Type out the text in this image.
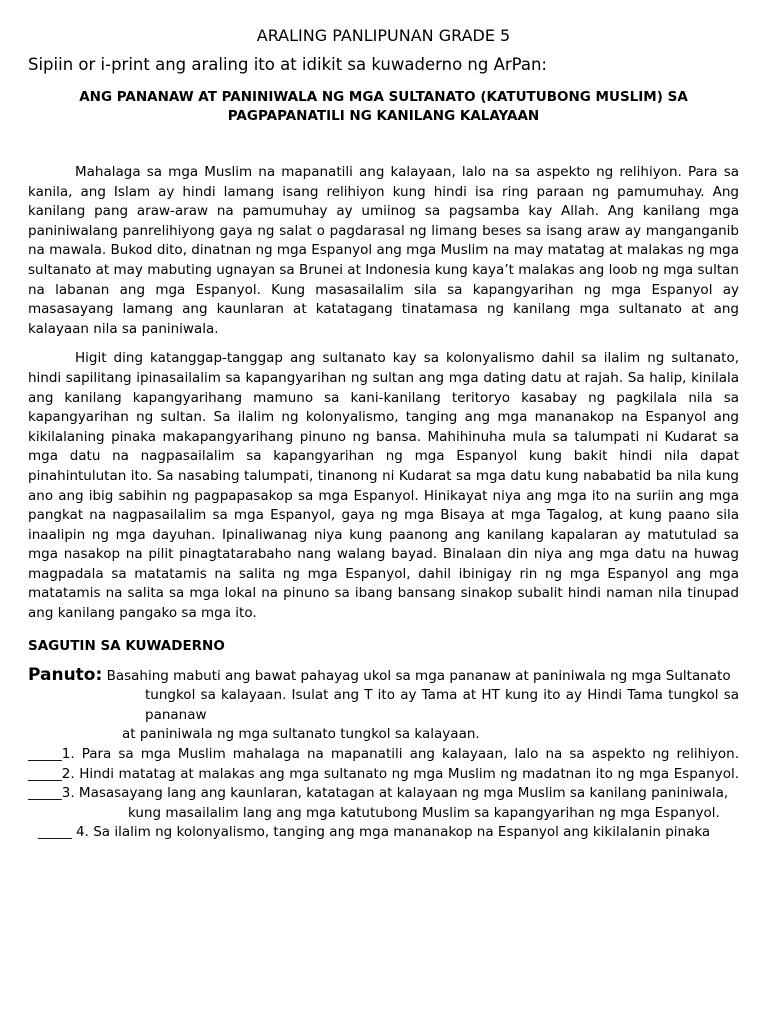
ARALING PANLIPUNAN GRADE 5
Sipiin or i-print ang araling ito at idikit sa kuwaderno ng ArPan:
ANG PANANAW AT PANINIWALA NG MGA SULTANATO (KATUTUBONG MUSLIM) SA PAGPAPANATILI NG KANILANG KALAYAAN

Mahalaga sa mga Muslim na mapanatili ang kalayaan, lalo na sa aspekto ng relihiyon. Para sa kanila, ang Islam ay hindi lamang isang relihiyon kung hindi isa ring paraan ng pamumuhay. Ang kanilang pang araw-araw na pamumuhay ay umiinog sa pagsamba kay Allah. Ang kanilang mga paniniwalang panrelihiyong gaya ng salat o pagdarasal ng limang beses sa isang araw ay manganganib na mawala. Bukod dito, dinatnan ng mga Espanyol ang mga Muslim na may matatag at malakas ng mga sultanato at may mabuting ugnayan sa Brunei at Indonesia kung kaya’t malakas ang loob ng mga sultan na labanan ang mga Espanyol. Kung masasailalim sila sa kapangyarihan ng mga Espanyol ay masasayang lamang ang kaunlaran at katatagang tinatamasa ng kanilang mga sultanato at ang kalayaan nila sa paniniwala.

Higit ding katanggap-tanggap ang sultanato kay sa kolonyalismo dahil sa ilalim ng sultanato, hindi sapilitang ipinasailalim sa kapangyarihan ng sultan ang mga dating datu at rajah. Sa halip, kinilala ang kanilang kapangyarihang mamuno sa kani-kanilang teritoryo kasabay ng pagkilala nila sa kapangyarihan ng sultan. Sa ilalim ng kolonyalismo, tanging ang mga mananakop na Espanyol ang kikilalaning pinaka makapangyarihang pinuno ng bansa. Mahihinuha mula sa talumpati ni Kudarat sa mga datu na nagpasailalim sa kapangyarihan ng mga Espanyol kung bakit hindi nila dapat pinahintulutan ito. Sa nasabing talumpati, tinanong ni Kudarat sa mga datu kung nababatid ba nila kung ano ang ibig sabihin ng pagpapasakop sa mga Espanyol. Hinikayat niya ang mga ito na suriin ang mga pangkat na nagpasailalim sa mga Espanyol, gaya ng mga Bisaya at mga Tagalog, at kung paano sila inaalipin ng mga dayuhan. Ipinaliwanag niya kung paanong ang kanilang kapalaran ay matutulad sa mga nasakop na pilit pinagtatarabaho nang walang bayad. Binalaan din niya ang mga datu na huwag magpadala sa matatamis na salita ng mga Espanyol, dahil ibinigay rin ng mga Espanyol ang mga matatamis na salita sa mga lokal na pinuno sa ibang bansang sinakop subalit hindi naman nila tinupad ang kanilang pangako sa mga ito.

SAGUTIN SA KUWADERNO

Panuto: Basahing mabuti ang bawat pahayag ukol sa mga pananaw at paniniwala ng mga Sultanato

tungkol sa kalayaan. Isulat ang T ito ay Tama at HT kung ito ay Hindi Tama tungkol sa pananaw

at paniniwala ng mga sultanato tungkol sa kalayaan.

_____1. Para sa mga Muslim mahalaga na mapanatili ang kalayaan, lalo na sa aspekto ng relihiyon. _____2. Hindi matatag at malakas ang mga sultanato ng mga Muslim ng madatnan ito ng mga Espanyol. _____3. Masasayang lang ang kaunlaran, katatagan at kalayaan ng mga Muslim sa kanilang paniniwala,

kung masailalim lang ang mga katutubong Muslim sa kapangyarihan ng mga Espanyol.

_____ 4. Sa ilalim ng kolonyalismo, tanging ang mga mananakop na Espanyol ang kikilalanin pinaka
